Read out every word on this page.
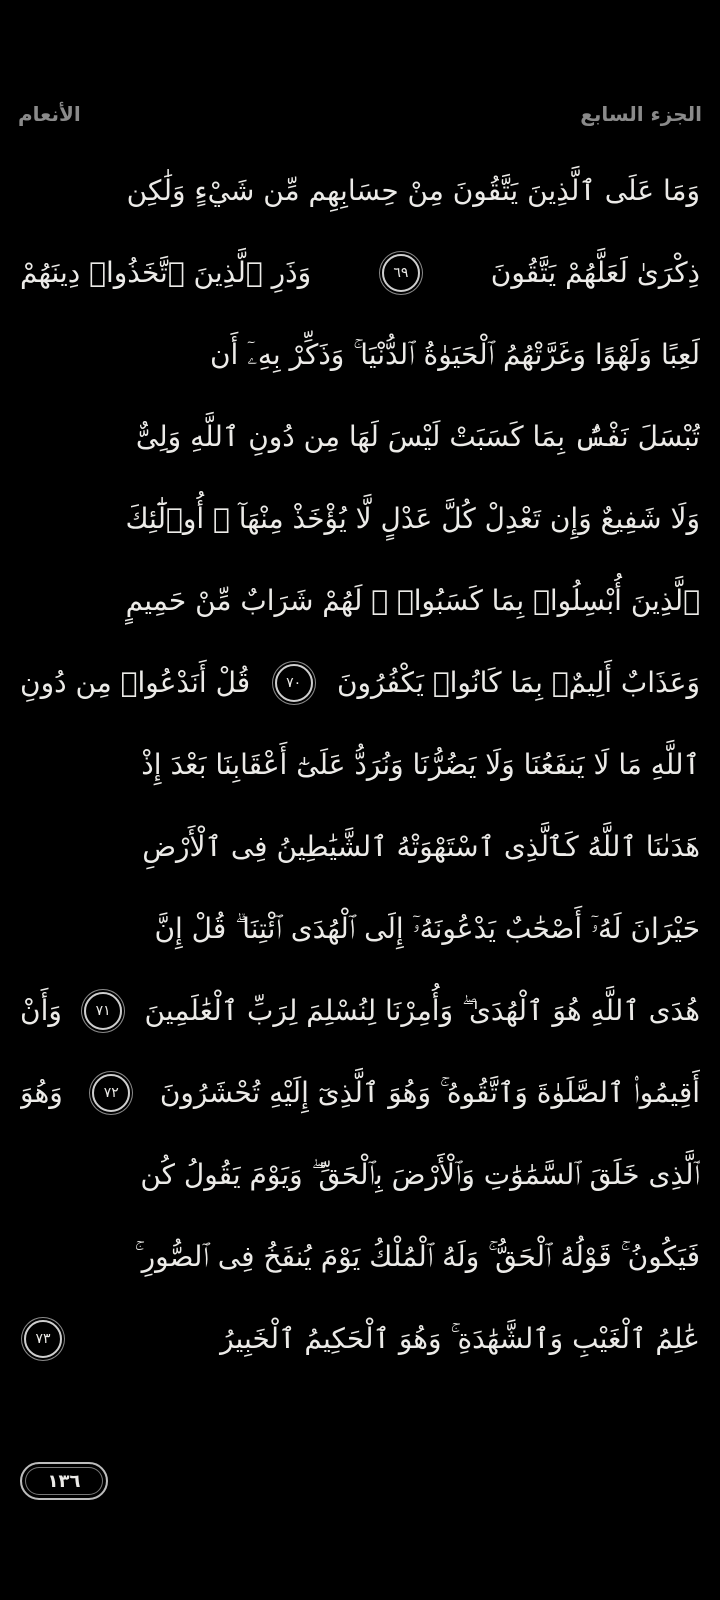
الأنعام	الجزء السابع
وَمَا عَلَى ٱلَّذِينَ يَتَّقُونَ مِنْ حِسَابِهِم مِّن شَيْءٍ وَلَٰكِن
ذِكْرَىٰ لَعَلَّهُمْ يَتَّقُونَ
٦٩
وَذَرِ ٱلَّذِينَ ٱتَّخَذُوا۟ دِينَهُمْ
لَعِبًا وَلَهْوًا وَغَرَّتْهُمُ ٱلْحَيَوٰةُ ٱلدُّنْيَا ۚ وَذَكِّرْ بِهِۦٓ أَن
تُبْسَلَ نَفْسٌۢ بِمَا كَسَبَتْ لَيْسَ لَهَا مِن دُونِ ٱللَّهِ وَلِىٌّ
وَلَا شَفِيعٌ وَإِن تَعْدِلْ كُلَّ عَدْلٍ لَّا يُؤْخَذْ مِنْهَآ ۗ أُو۟لَٰٓئِكَ
ٱلَّذِينَ أُبْسِلُوا۟ بِمَا كَسَبُوا۟ ۖ لَهُمْ شَرَابٌ مِّنْ حَمِيمٍ
وَعَذَابٌ أَلِيمٌۢ بِمَا كَانُوا۟ يَكْفُرُونَ
٧٠
قُلْ أَنَدْعُوا۟ مِن دُونِ
ٱللَّهِ مَا لَا يَنفَعُنَا وَلَا يَضُرُّنَا وَنُرَدُّ عَلَىٰٓ أَعْقَابِنَا بَعْدَ إِذْ
هَدَىٰنَا ٱللَّهُ كَٱلَّذِى ٱسْتَهْوَتْهُ ٱلشَّيَٰطِينُ فِى ٱلْأَرْضِ
حَيْرَانَ لَهُۥٓ أَصْحَٰبٌ يَدْعُونَهُۥٓ إِلَى ٱلْهُدَى ٱئْتِنَا ۗ قُلْ إِنَّ
هُدَى ٱللَّهِ هُوَ ٱلْهُدَىٰ ۖ وَأُمِرْنَا لِنُسْلِمَ لِرَبِّ ٱلْعَٰلَمِينَ
٧١
وَأَنْ
أَقِيمُوا۟ ٱلصَّلَوٰةَ وَٱتَّقُوهُ ۚ وَهُوَ ٱلَّذِىٓ إِلَيْهِ تُحْشَرُونَ
٧٢
وَهُوَ
ٱلَّذِى خَلَقَ ٱلسَّمَٰوَٰتِ وَٱلْأَرْضَ بِٱلْحَقِّ ۖ وَيَوْمَ يَقُولُ كُن
فَيَكُونُ ۚ قَوْلُهُ ٱلْحَقُّ ۚ وَلَهُ ٱلْمُلْكُ يَوْمَ يُنفَخُ فِى ٱلصُّورِ ۚ
عَٰلِمُ ٱلْغَيْبِ وَٱلشَّهَٰدَةِ ۚ وَهُوَ ٱلْحَكِيمُ ٱلْخَبِيرُ
٧٣
١٣٦
